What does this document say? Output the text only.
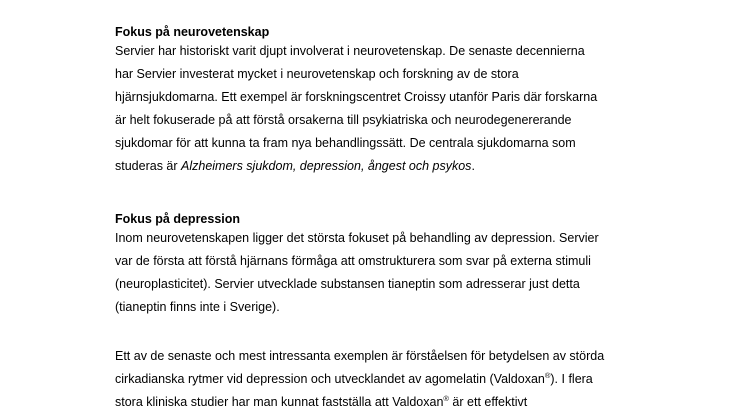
Fokus på neurovetenskap
Servier har historiskt varit djupt involverat i neurovetenskap. De senaste decennierna
har Servier investerat mycket i neurovetenskap och forskning av de stora
hjärnsjukdomarna. Ett exempel är forskningscentret Croissy utanför Paris där forskarna
är helt fokuserade på att förstå orsakerna till psykiatriska och neurodegenererande
sjukdomar för att kunna ta fram nya behandlingssätt. De centrala sjukdomarna som
studeras är Alzheimers sjukdom, depression, ångest och psykos.
Fokus på depression
Inom neurovetenskapen ligger det största fokuset på behandling av depression. Servier
var de första att förstå hjärnans förmåga att omstrukturera som svar på externa stimuli
(neuroplasticitet). Servier utvecklade substansen tianeptin som adresserar just detta
(tianeptin finns inte i Sverige).
Ett av de senaste och mest intressanta exemplen är förståelsen för betydelsen av störda
cirkadianska rytmer vid depression och utvecklandet av agomelatin (Valdoxan®). I flera
stora kliniska studier har man kunnat fastställa att Valdoxan® är ett effektivt
